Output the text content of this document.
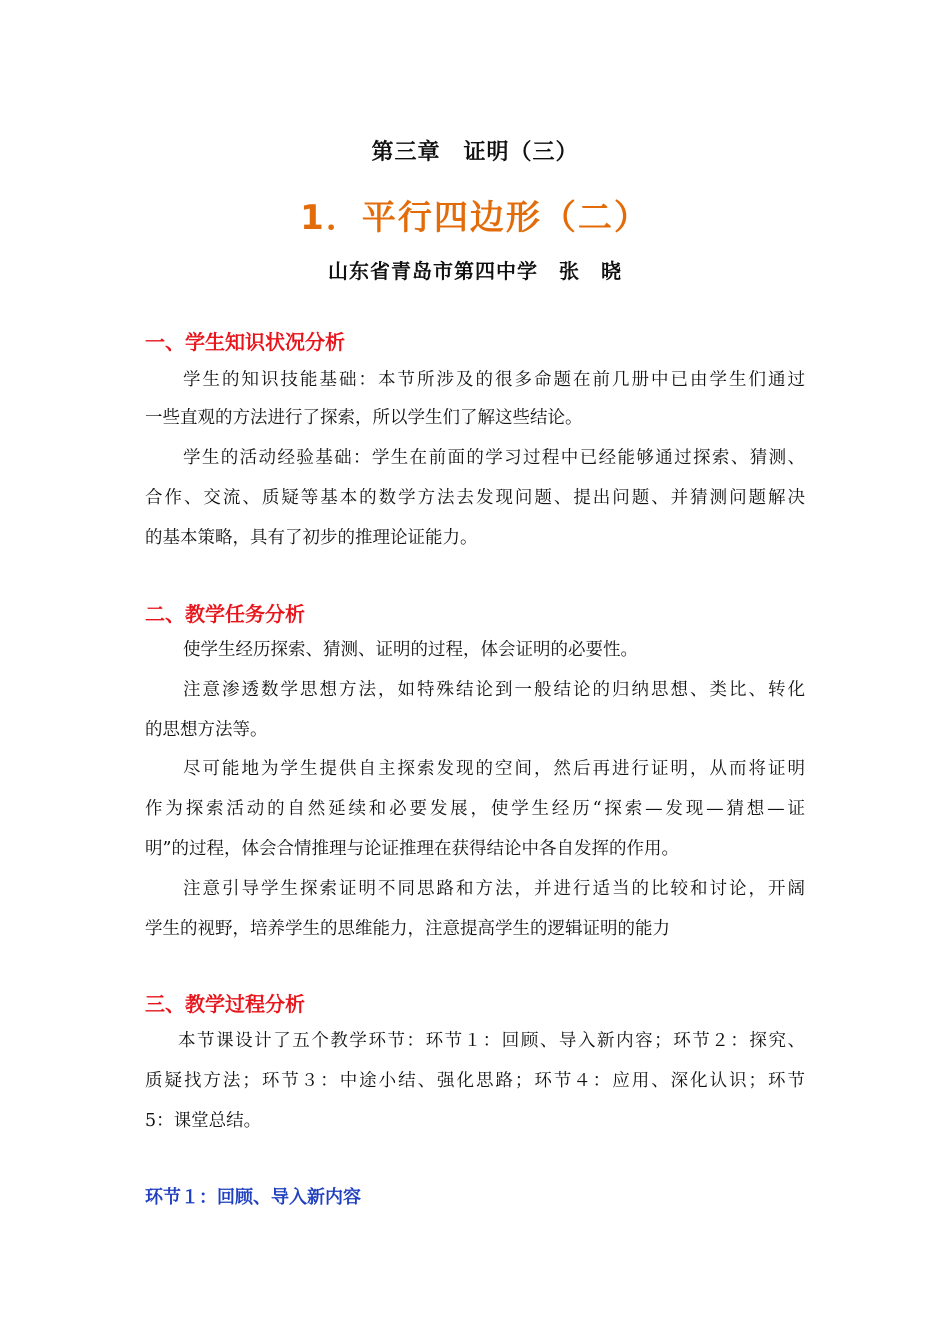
第三章　证明（三）
1．平行四边形（二）
山东省青岛市第四中学　张　晓
一、学生知识状况分析
学生的知识技能基础：本节所涉及的很多命题在前几册中已由学生们通过
一些直观的方法进行了探索，所以学生们了解这些结论。
学生的活动经验基础：学生在前面的学习过程中已经能够通过探索、猜测、
合作、交流、质疑等基本的数学方法去发现问题、提出问题、并猜测问题解决
的基本策略，具有了初步的推理论证能力。
二、教学任务分析
使学生经历探索、猜测、证明的过程，体会证明的必要性。
注意渗透数学思想方法，如特殊结论到一般结论的归纳思想、类比、转化
的思想方法等。
尽可能地为学生提供自主探索发现的空间，然后再进行证明，从而将证明
作为探索活动的自然延续和必要发展，使学生经历“探索—发现—猜想—证
明”的过程，体会合情推理与论证推理在获得结论中各自发挥的作用。
注意引导学生探索证明不同思路和方法，并进行适当的比较和讨论，开阔
学生的视野，培养学生的思维能力，注意提高学生的逻辑证明的能力
三、教学过程分析
本节课设计了五个教学环节：环节１：回顾、导入新内容；环节２：探究、
质疑找方法；环节３：中途小结、强化思路；环节４：应用、深化认识；环节
5：课堂总结。
环节１：回顾、导入新内容
